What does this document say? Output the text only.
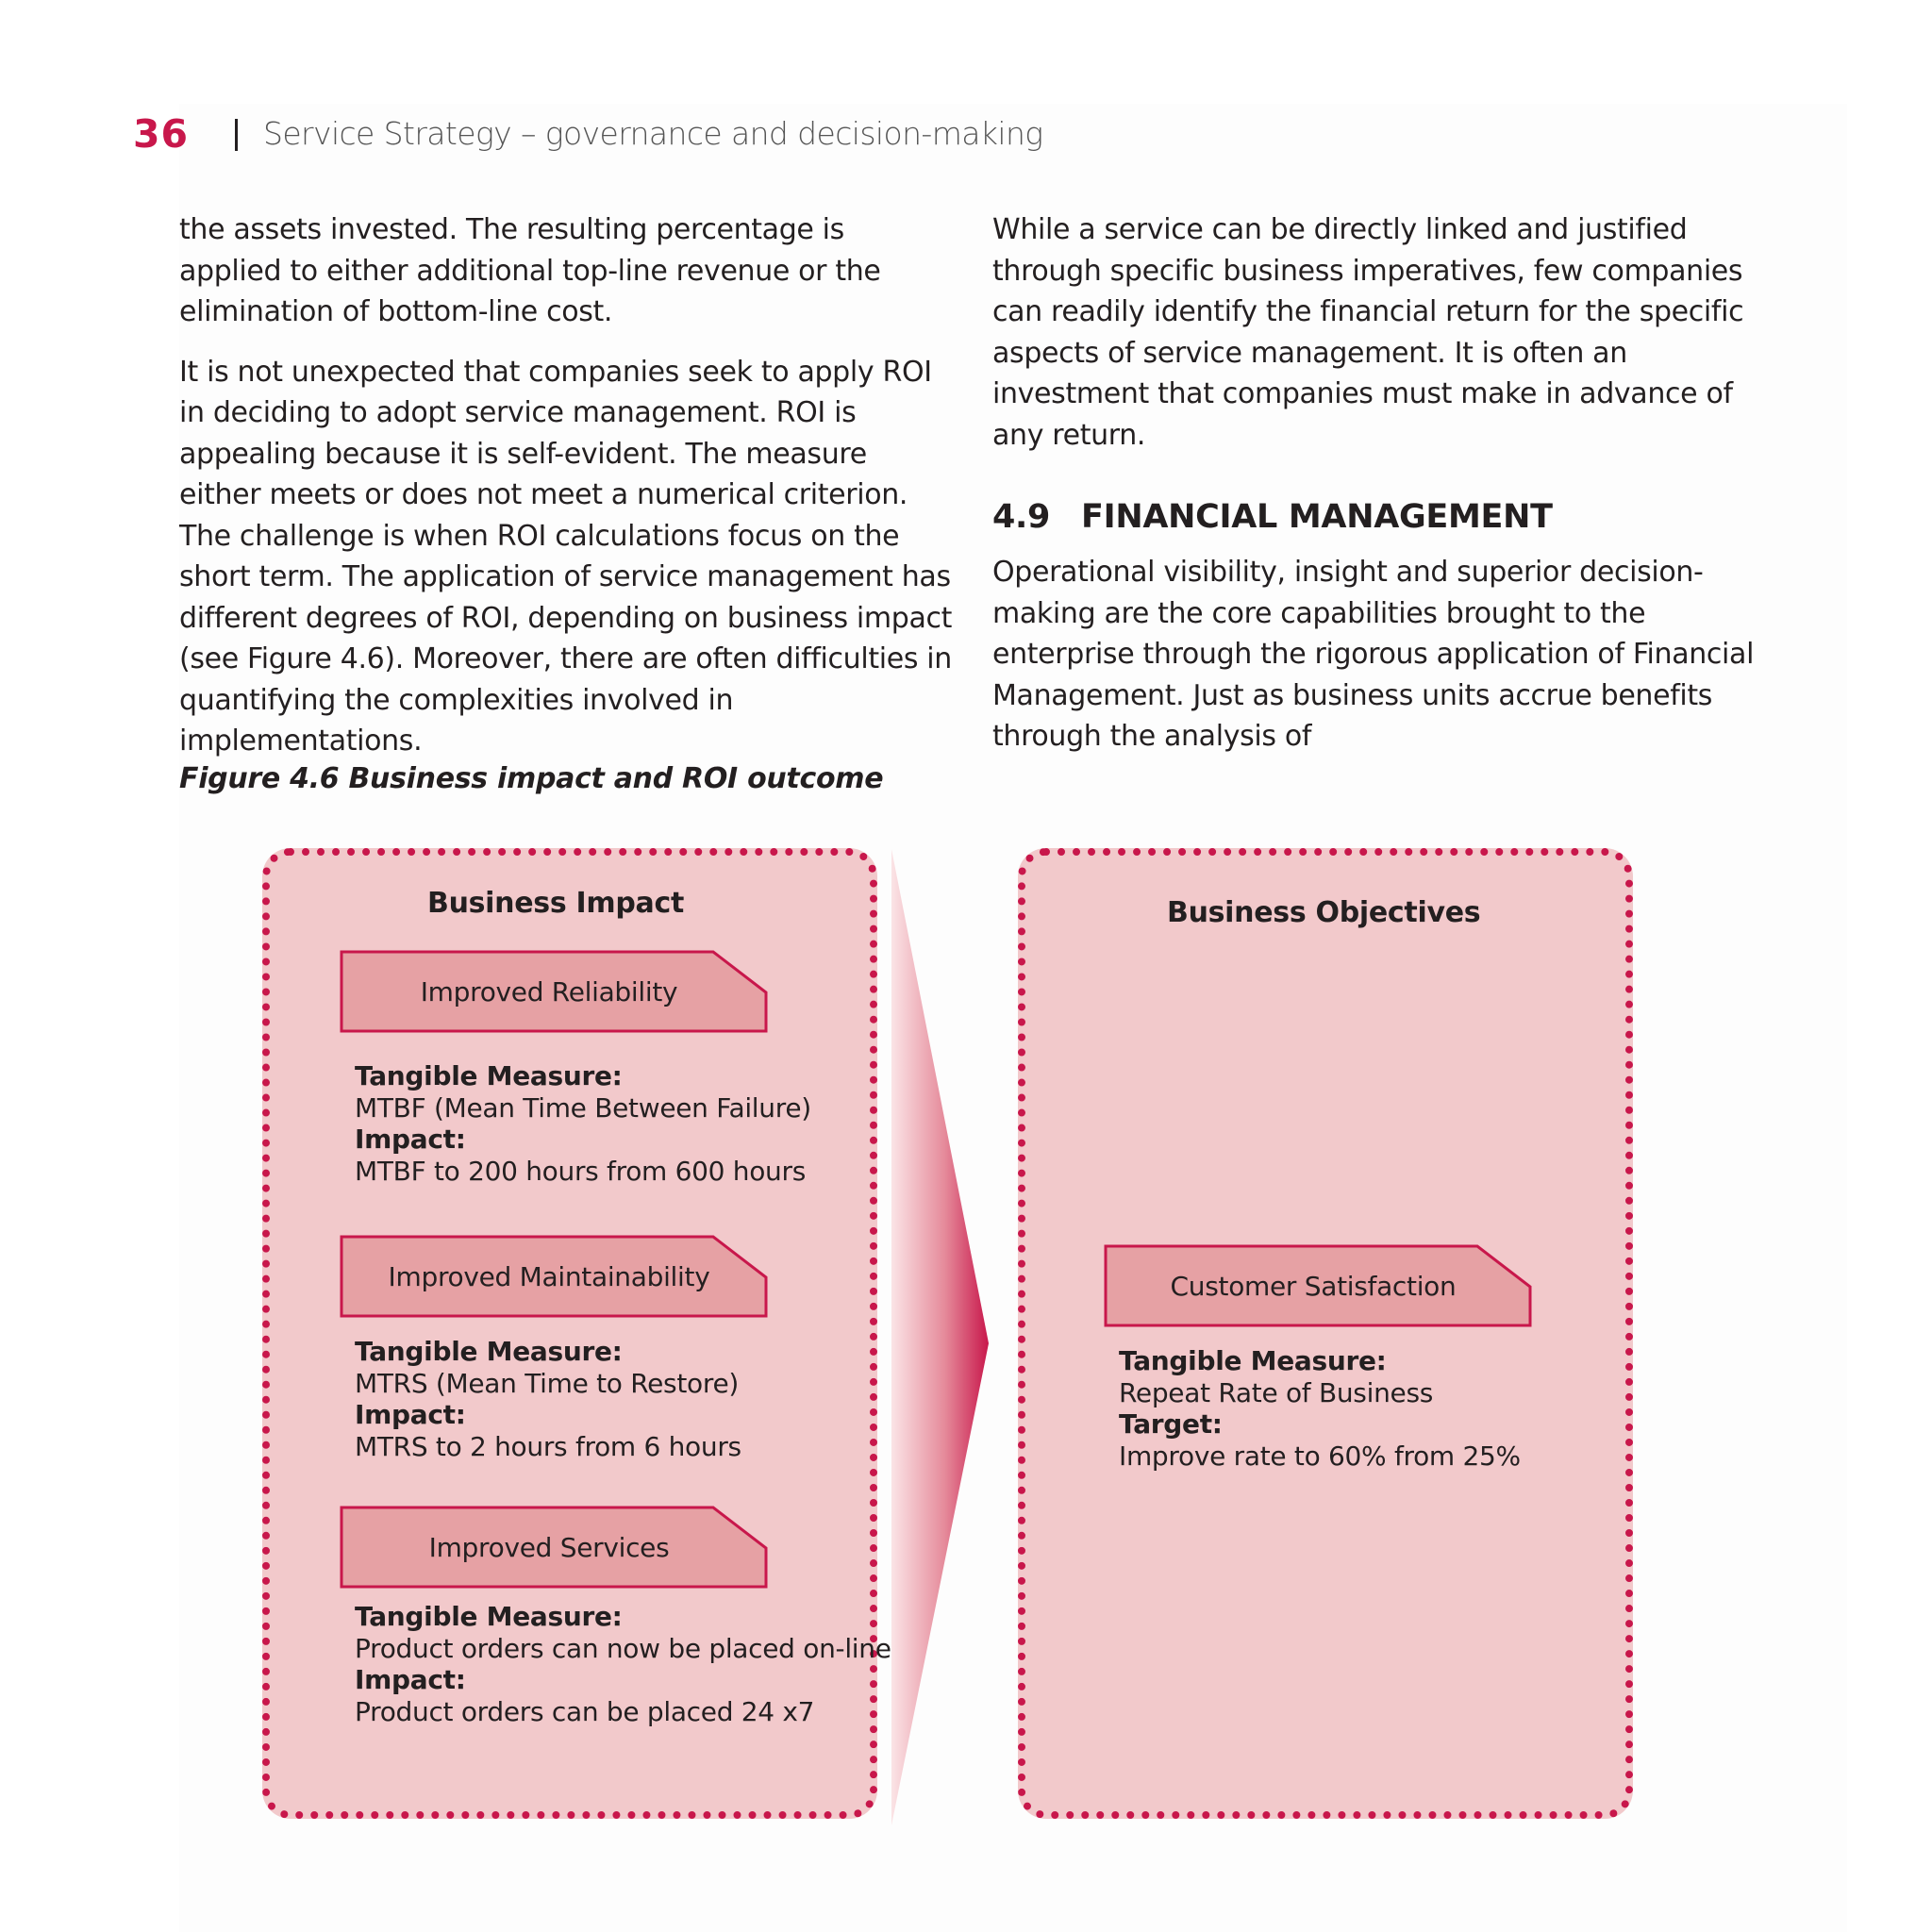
36 Service Strategy – governance and decision-making

the assets invested. The resulting percentage is applied to either additional top-line revenue or the elimination of bottom-line cost.

It is not unexpected that companies seek to apply ROI in deciding to adopt service management. ROI is appealing because it is self-evident. The measure either meets or does not meet a numerical criterion. The challenge is when ROI calculations focus on the short term. The application of service management has different degrees of ROI, depending on business impact (see Figure 4.6). Moreover, there are often difficulties in quantifying the complexities involved in implementations.

While a service can be directly linked and justified through specific business imperatives, few companies can readily identify the financial return for the specific aspects of service management. It is often an investment that companies must make in advance of any return.

4.9 FINANCIAL MANAGEMENT

Operational visibility, insight and superior decision-making are the core capabilities brought to the enterprise through the rigorous application of Financial Management. Just as business units accrue benefits through the analysis of

Figure 4.6 Business impact and ROI outcome
Business Impact
Improved Reliability
Tangible Measure:
MTBF (Mean Time Between Failure)
Impact:
MTBF to 200 hours from 600 hours
Improved Maintainability
Tangible Measure:
MTRS (Mean Time to Restore)
Impact:
MTRS to 2 hours from 6 hours
Improved Services
Tangible Measure:
Product orders can now be placed on-line
Impact:
Product orders can be placed 24 x7
Business Objectives
Customer Satisfaction
Tangible Measure:
Repeat Rate of Business
Target:
Improve rate to 60% from 25%
